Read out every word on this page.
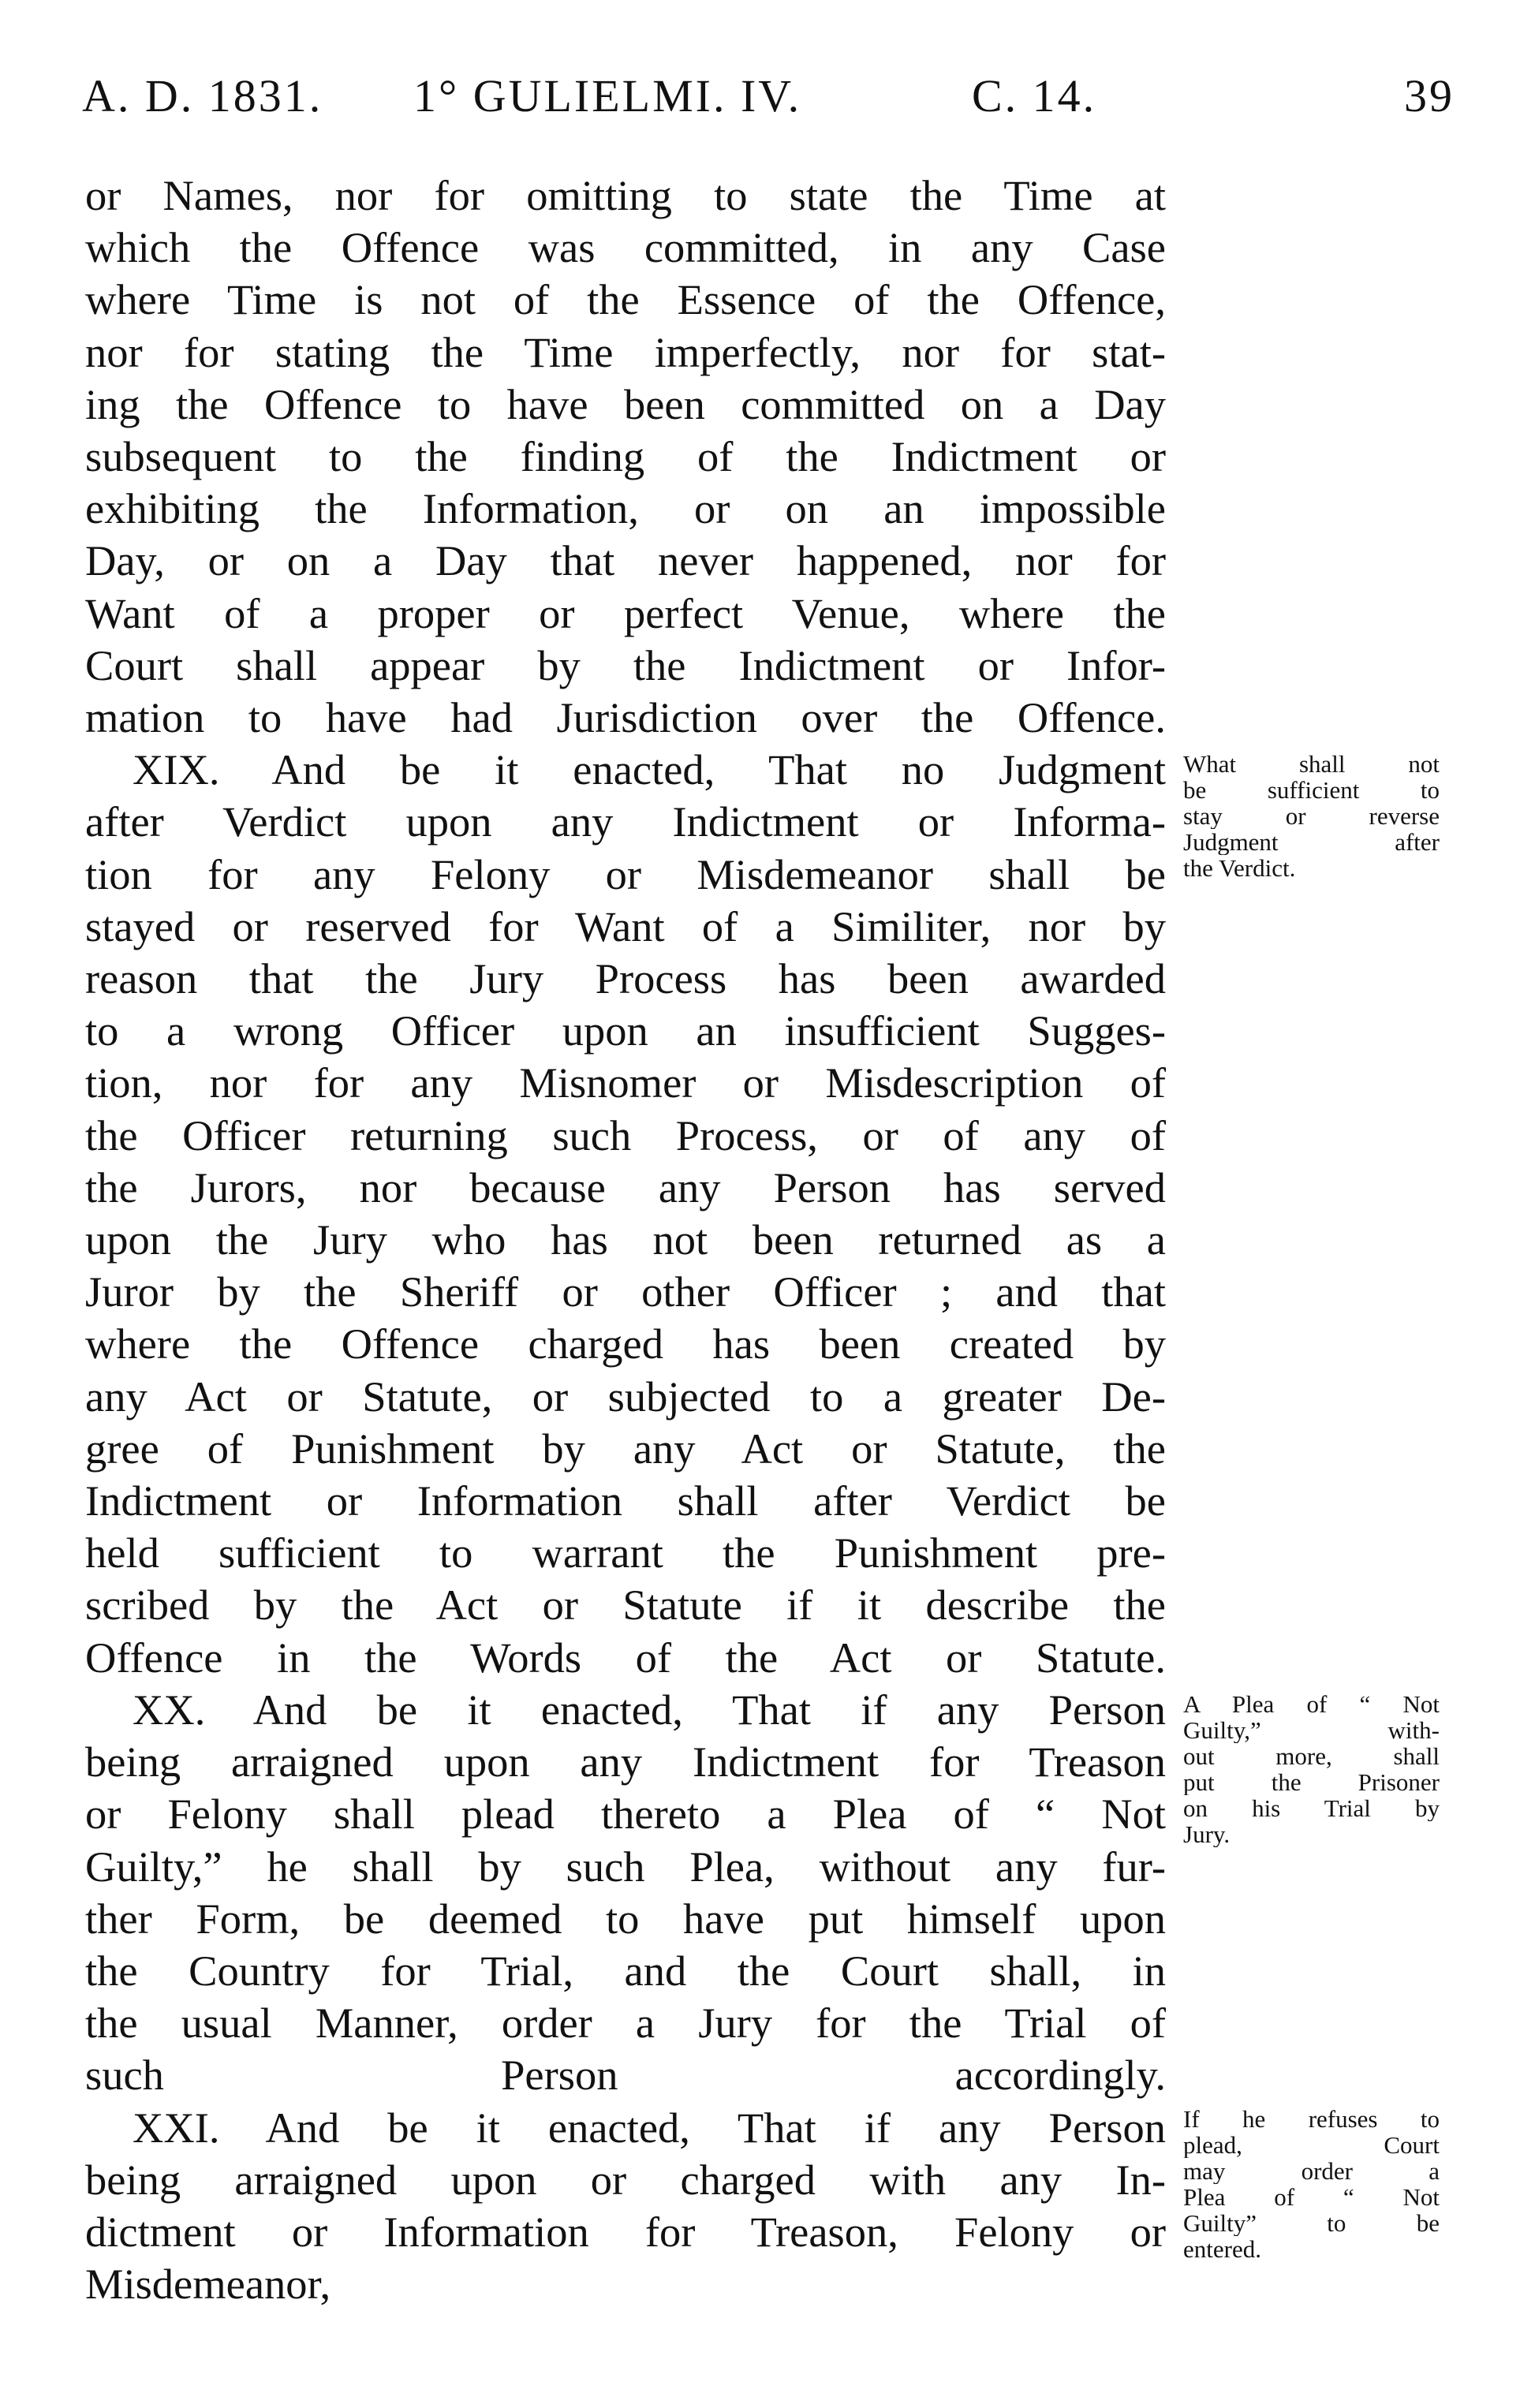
A. D. 1831. 1° GULIELMI. IV.	C. 14.	39

or Names, nor for omitting to state the Time at
which the Offence was committed, in any Case
where Time is not of the Essence of the Offence,
nor for stating the Time imperfectly, nor for stat-
ing the Offence to have been committed on a Day
subsequent to the finding of the Indictment or
exhibiting the Information, or on an impossible
Day, or on a Day that never happened, nor for
Want of a proper or perfect Venue, where the
Court shall appear by the Indictment or Infor-
mation to have had Jurisdiction over the Offence.

XIX. And be it enacted, That no Judgment
after Verdict upon any Indictment or Informa-
tion for any Felony or Misdemeanor shall be
stayed or reserved for Want of a Similiter, nor by
reason that the Jury Process has been awarded
to a wrong Officer upon an insufficient Sugges-
tion, nor for any Misnomer or Misdescription of
the Officer returning such Process, or of any of
the Jurors, nor because any Person has served
upon the Jury who has not been returned as a
Juror by the Sheriff or other Officer ; and that
where the Offence charged has been created by
any Act or Statute, or subjected to a greater De-
gree of Punishment by any Act or Statute, the
Indictment or Information shall after Verdict be
held sufficient to warrant the Punishment pre-
scribed by the Act or Statute if it describe the
Offence in the Words of the Act or Statute.

XX. And be it enacted, That if any Person
being arraigned upon any Indictment for Treason
or Felony shall plead thereto a Plea of “ Not
Guilty,” he shall by such Plea, without any fur-
ther Form, be deemed to have put himself upon
the Country for Trial, and the Court shall, in
the usual Manner, order a Jury for the Trial of
such Person accordingly.

XXI. And be it enacted, That if any Person
being arraigned upon or charged with any In-
dictment or Information for Treason, Felony or
Misdemeanor,

What shall not
be sufficient to
stay or reverse
Judgment after
the Verdict.
A Plea of “ Not
Guilty,” with-
out more, shall
put the Prisoner
on his Trial by
Jury.
If he refuses to
plead, Court
may order a
Plea of “ Not
Guilty” to be
entered.
